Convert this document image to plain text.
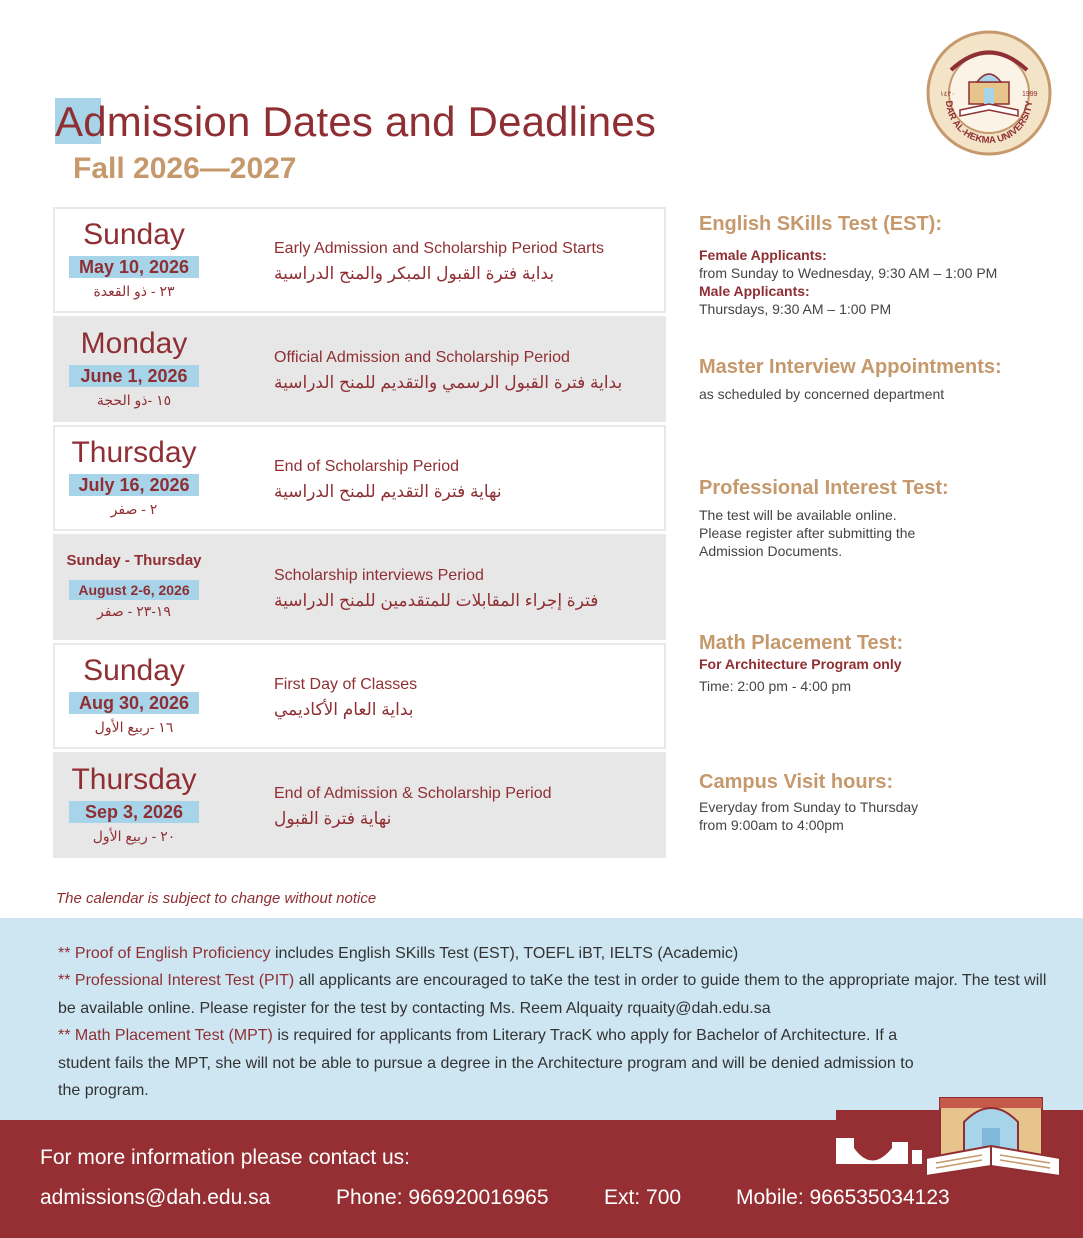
Admission Dates and Deadlines
Fall 2026—2027
١٤٢٠	1999
DAR AL-HEKMA UNIVERSITY
Sunday
May 10, 2026
٢٣ - ذو القعدة
Early Admission and Scholarship Period Starts
بداية فترة القبول المبكر والمنح الدراسية
Monday
June 1, 2026
١٥ -ذو الحجة
Official Admission and Scholarship Period
بداية فترة القبول الرسمي والتقديم للمنح الدراسية
Thursday
July 16, 2026
٢ - صفر
End of Scholarship Period
نهاية فترة التقديم للمنح الدراسية
Sunday - Thursday
August 2-6, 2026
١٩-٢٣ - صفر
Scholarship interviews Period
فترة إجراء المقابلات للمتقدمين للمنح الدراسية
Sunday
Aug 30, 2026
١٦ -ربيع الأول
First Day of Classes
بداية العام الأكاديمي
Thursday
Sep 3, 2026
٢٠ - ربيع الأول
End of Admission & Scholarship Period
نهاية فترة القبول
English SKills Test (EST):
Female Applicants:
from Sunday to Wednesday, 9:30 AM – 1:00 PM
Male Applicants:
Thursdays, 9:30 AM – 1:00 PM
Master Interview Appointments:
as scheduled by concerned department
Professional Interest Test:
The test will be available online.
Please register after submitting the
Admission Documents.
Math Placement Test:
For Architecture Program only
Time: 2:00 pm - 4:00 pm
Campus Visit hours:
Everyday from Sunday to Thursday
from 9:00am to 4:00pm
The calendar is subject to change without notice

** Proof of English Proficiency includes English SKills Test (EST), TOEFL iBT, IELTS (Academic)

** Professional Interest Test (PIT) all applicants are encouraged to taKe the test in order to guide them to the appropriate major. The test will be available online. Please register for the test by contacting Ms. Reem Alquaity rquaity@dah.edu.sa

** Math Placement Test (MPT) is required for applicants from Literary TracK who apply for Bachelor of Architecture. If a student fails the MPT, she will not be able to pursue a degree in the Architecture program and will be denied admission to the program.

For more information please contact us:
admissions@dah.edu.sa	Phone: 966920016965	Ext: 700	Mobile: 966535034123
